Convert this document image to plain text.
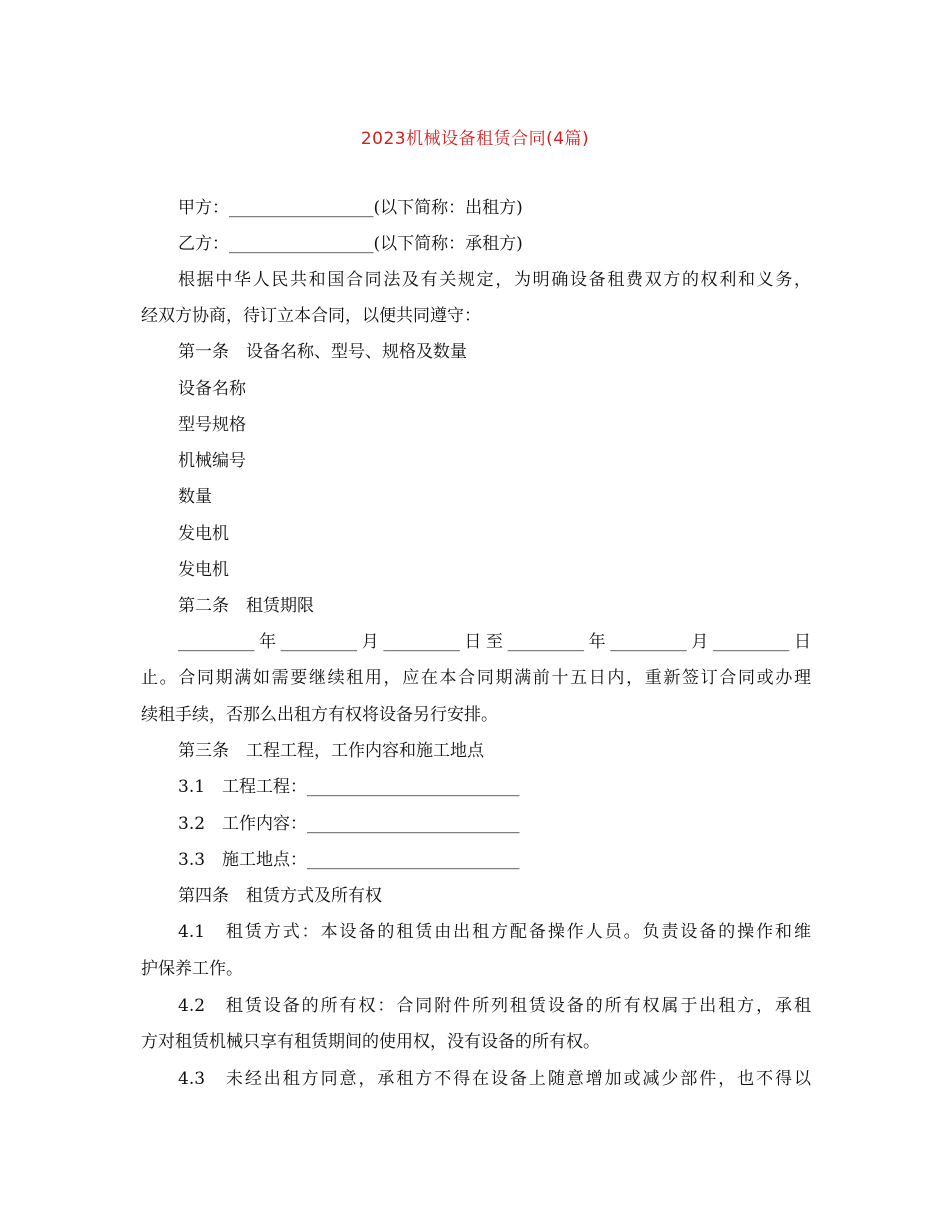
2023机械设备租赁合同(4篇)
甲方：_________________(以下简称：出租方)
乙方：_________________(以下简称：承租方)
根据中华人民共和国合同法及有关规定，为明确设备租费双方的权利和义务，
经双方协商，待订立本合同，以便共同遵守：
第一条　设备名称、型号、规格及数量
设备名称
型号规格
机械编号
数量
发电机
发电机
第二条　租赁期限
_________年_________月_________日至_________年_________月_________日
止。合同期满如需要继续租用，应在本合同期满前十五日内，重新签订合同或办理
续租手续，否那么出租方有权将设备另行安排。
第三条　工程工程，工作内容和施工地点
3.1　工程工程：_________________________
3.2　工作内容：_________________________
3.3　施工地点：_________________________
第四条　租赁方式及所有权
4.1　租赁方式：本设备的租赁由出租方配备操作人员。负责设备的操作和维
护保养工作。
4.2　租赁设备的所有权：合同附件所列租赁设备的所有权属于出租方，承租
方对租赁机械只享有租赁期间的使用权，没有设备的所有权。
4.3　未经出租方同意，承租方不得在设备上随意增加或减少部件，也不得以
